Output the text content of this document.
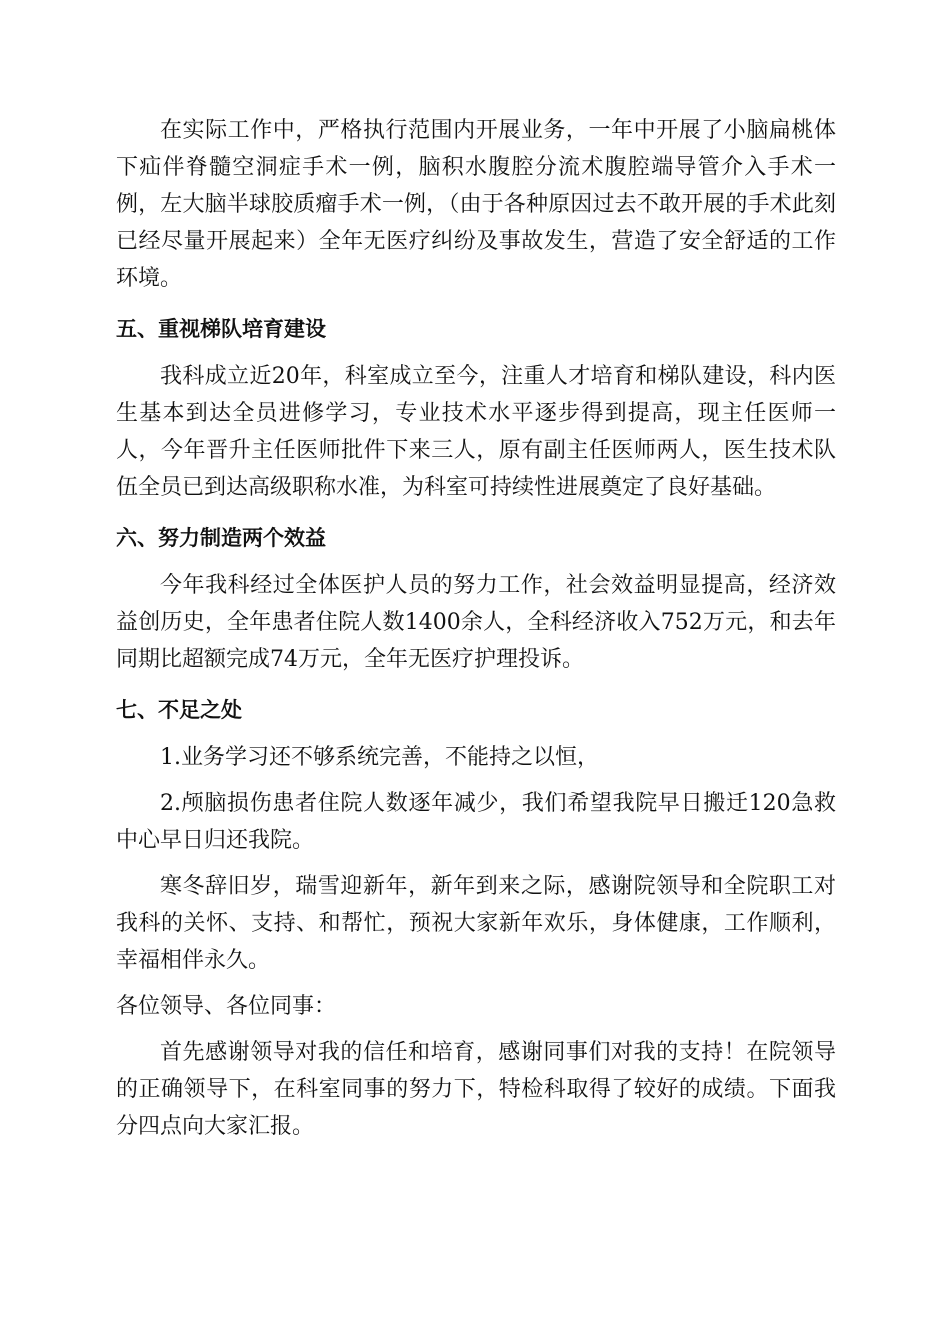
在实际工作中，严格执行范围内开展业务，一年中开展了小脑扁桃体下疝伴脊髓空洞症手术一例，脑积水腹腔分流术腹腔端导管介入手术一例，左大脑半球胶质瘤手术一例，（由于各种原因过去不敢开展的手术此刻已经尽量开展起来）全年无医疗纠纷及事故发生，营造了安全舒适的工作环境。

五、重视梯队培育建设

我科成立近20年，科室成立至今，注重人才培育和梯队建设，科内医生基本到达全员进修学习，专业技术水平逐步得到提高，现主任医师一人，今年晋升主任医师批件下来三人，原有副主任医师两人，医生技术队伍全员已到达高级职称水准，为科室可持续性进展奠定了良好基础。

六、努力制造两个效益

今年我科经过全体医护人员的努力工作，社会效益明显提高，经济效益创历史，全年患者住院人数1400余人，全科经济收入752万元，和去年同期比超额完成74万元，全年无医疗护理投诉。

七、不足之处

1.业务学习还不够系统完善，不能持之以恒，

2.颅脑损伤患者住院人数逐年减少，我们希望我院早日搬迁120急救中心早日归还我院。

寒冬辞旧岁，瑞雪迎新年，新年到来之际，感谢院领导和全院职工对我科的关怀、支持、和帮忙，预祝大家新年欢乐，身体健康，工作顺利，幸福相伴永久。

各位领导、各位同事：

首先感谢领导对我的信任和培育，感谢同事们对我的支持！在院领导的正确领导下，在科室同事的努力下，特检科取得了较好的成绩。下面我分四点向大家汇报。
